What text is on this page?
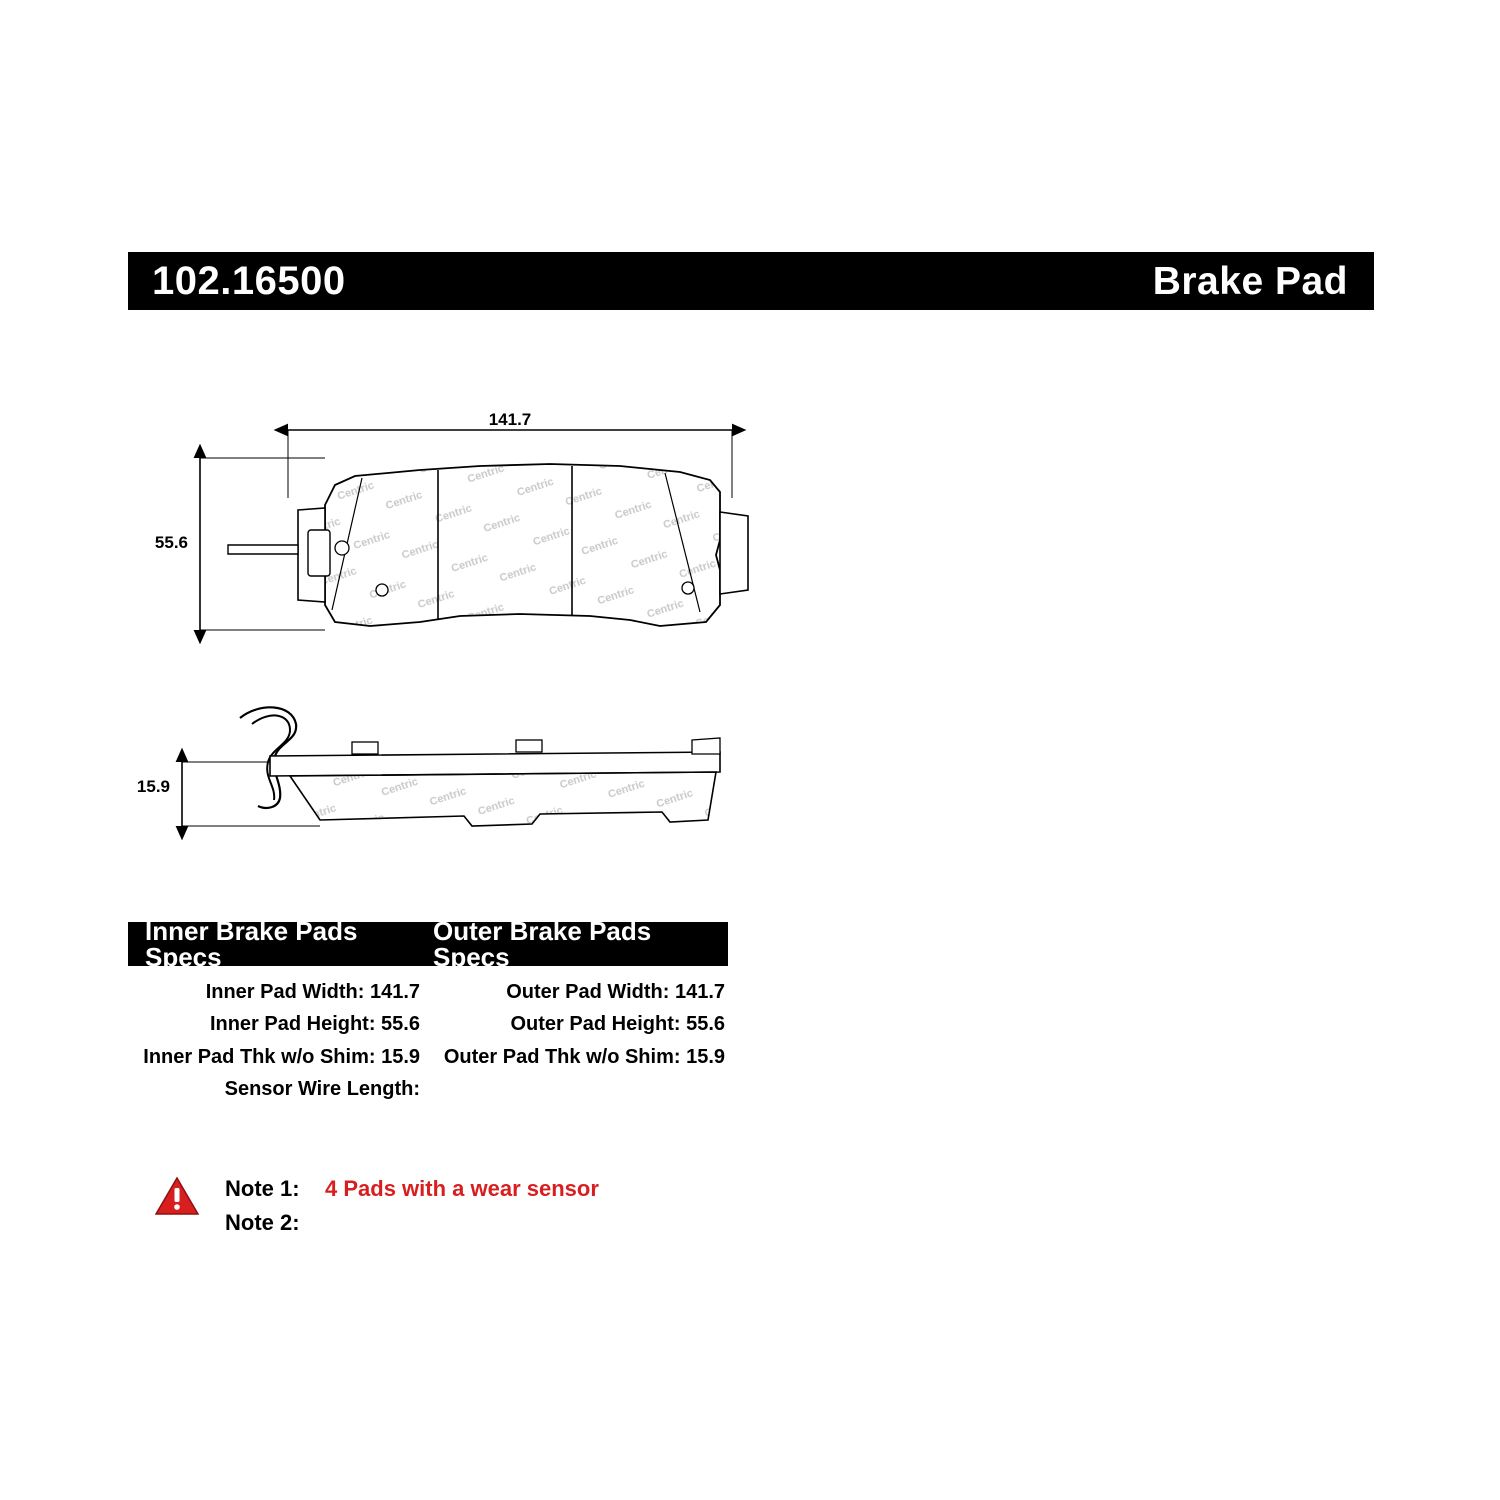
102.16500	Brake Pad
141.7
55.6
15.9
Inner Brake Pads Specs
Outer Brake Pads Specs
Inner Pad Width: 141.7
Inner Pad Height: 55.6
Inner Pad Thk w/o Shim: 15.9
Sensor Wire Length:
Outer Pad Width: 141.7
Outer Pad Height: 55.6
Outer Pad Thk w/o Shim: 15.9
Note 1:	4 Pads with a wear sensor
Note 2:
